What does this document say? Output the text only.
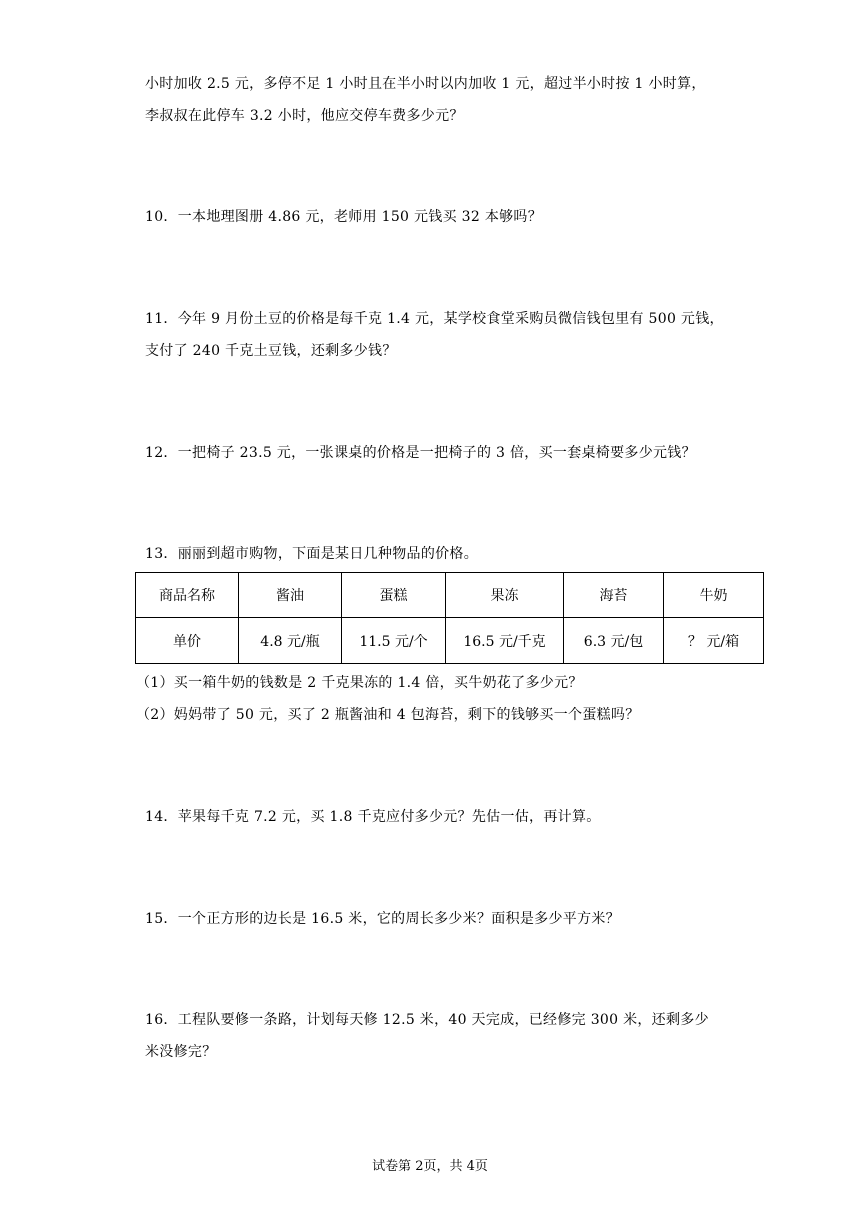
小时加收 2.5 元，多停不足 1 小时且在半小时以内加收 1 元，超过半小时按 1 小时算，
李叔叔在此停车 3.2 小时，他应交停车费多少元？
10．一本地理图册 4.86 元，老师用 150 元钱买 32 本够吗？
11．今年 9 月份土豆的价格是每千克 1.4 元，某学校食堂采购员微信钱包里有 500 元钱，
支付了 240 千克土豆钱，还剩多少钱？
12．一把椅子 23.5 元，一张课桌的价格是一把椅子的 3 倍，买一套桌椅要多少元钱？
13．丽丽到超市购物，下面是某日几种物品的价格。
商品名称	酱油	蛋糕	果冻	海苔	牛奶
单价	4.8 元/瓶	11.5 元/个	16.5 元/千克	6.3 元/包	？ 元/箱
（1）买一箱牛奶的钱数是 2 千克果冻的 1.4 倍，买牛奶花了多少元？
（2）妈妈带了 50 元，买了 2 瓶酱油和 4 包海苔，剩下的钱够买一个蛋糕吗？
14．苹果每千克 7.2 元，买 1.8 千克应付多少元？先估一估，再计算。
15．一个正方形的边长是 16.5 米，它的周长多少米？面积是多少平方米？
16．工程队要修一条路，计划每天修 12.5 米，40 天完成，已经修完 300 米，还剩多少
米没修完？
试卷第 2页，共 4页
